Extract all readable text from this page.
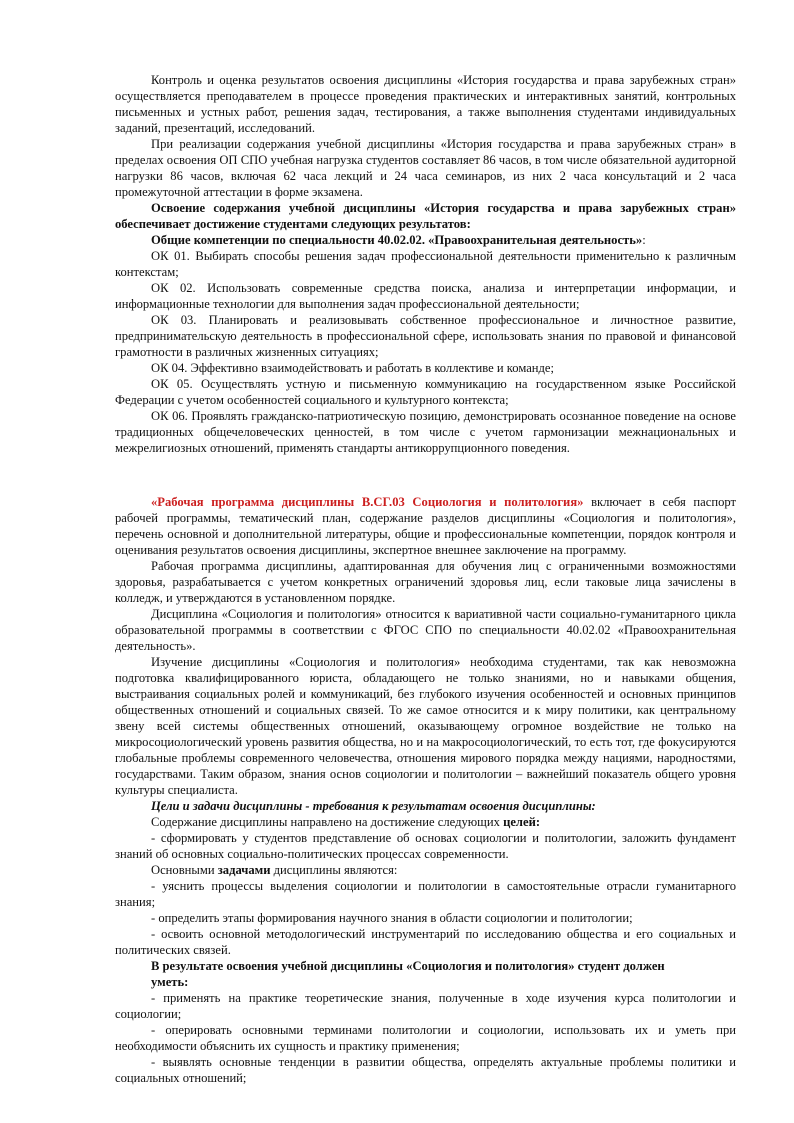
Контроль и оценка результатов освоения дисциплины «История государства и права зарубежных стран» осуществляется преподавателем в процессе проведения практических и интерактивных занятий, контрольных письменных и устных работ, решения задач, тестирования, а также выполнения студентами индивидуальных заданий, презентаций, исследований.

При реализации содержания учебной дисциплины «История государства и права зарубежных стран» в пределах освоения ОП СПО учебная нагрузка студентов составляет 86 часов, в том числе обязательной аудиторной нагрузки 86 часов, включая 62 часа лекций и 24 часа семинаров, из них 2 часа консультаций и 2 часа промежуточной аттестации в форме экзамена.

Освоение содержания учебной дисциплины «История государства и права зарубежных стран» обеспечивает достижение студентами следующих результатов:

Общие компетенции по специальности 40.02.02. «Правоохранительная деятельность»:

ОК 01. Выбирать способы решения задач профессиональной деятельности применительно к различным контекстам;

ОК 02. Использовать современные средства поиска, анализа и интерпретации информации, и информационные технологии для выполнения задач профессиональной деятельности;

ОК 03. Планировать и реализовывать собственное профессиональное и личностное развитие, предпринимательскую деятельность в профессиональной сфере, использовать знания по правовой и финансовой грамотности в различных жизненных ситуациях;

ОК 04. Эффективно взаимодействовать и работать в коллективе и команде;

ОК 05. Осуществлять устную и письменную коммуникацию на государственном языке Российской Федерации с учетом особенностей социального и культурного контекста;

ОК 06. Проявлять гражданско-патриотическую позицию, демонстрировать осознанное поведение на основе традиционных общечеловеческих ценностей, в том числе с учетом гармонизации межнациональных и межрелигиозных отношений, применять стандарты антикоррупционного поведения.

«Рабочая программа дисциплины В.СГ.03 Социология и политология» включает в себя паспорт рабочей программы, тематический план, содержание разделов дисциплины «Социология и политология», перечень основной и дополнительной литературы, общие и профессиональные компетенции, порядок контроля и оценивания результатов освоения дисциплины, экспертное внешнее заключение на программу.

Рабочая программа дисциплины, адаптированная для обучения лиц с ограниченными возможностями здоровья, разрабатывается с учетом конкретных ограничений здоровья лиц, если таковые лица зачислены в колледж, и утверждаются в установленном порядке.

Дисциплина «Социология и политология» относится к вариативной части социально-гуманитарного цикла образовательной программы в соответствии с ФГОС СПО по специальности 40.02.02 «Правоохранительная деятельность».

Изучение дисциплины «Социология и политология» необходима студентами, так как невозможна подготовка квалифицированного юриста, обладающего не только знаниями, но и навыками общения, выстраивания социальных ролей и коммуникаций, без глубокого изучения особенностей и основных принципов общественных отношений и социальных связей. То же самое относится и к миру политики, как центральному звену всей системы общественных отношений, оказывающему огромное воздействие не только на микросоциологический уровень развития общества, но и на макросоциологический, то есть тот, где фокусируются глобальные проблемы современного человечества, отношения мирового порядка между нациями, народностями, государствами. Таким образом, знания основ социологии и политологии – важнейший показатель общего уровня культуры специалиста.

Цели и задачи дисциплины - требования к результатам освоения дисциплины:

Содержание дисциплины направлено на достижение следующих целей:

- сформировать у студентов представление об основах социологии и политологии, заложить фундамент знаний об основных социально-политических процессах современности.

Основными задачами дисциплины являются:

- уяснить процессы выделения социологии и политологии в самостоятельные отрасли гуманитарного знания;

- определить этапы формирования научного знания в области социологии и политологии;

- освоить основной методологический инструментарий по исследованию общества и его социальных и политических связей.

В результате освоения учебной дисциплины «Социология и политология» студент должен

уметь:

- применять на практике теоретические знания, полученные в ходе изучения курса политологии и социологии;

- оперировать основными терминами политологии и социологии, использовать их и уметь при необходимости объяснить их сущность и практику применения;

- выявлять основные тенденции в развитии общества, определять актуальные проблемы политики и социальных отношений;
